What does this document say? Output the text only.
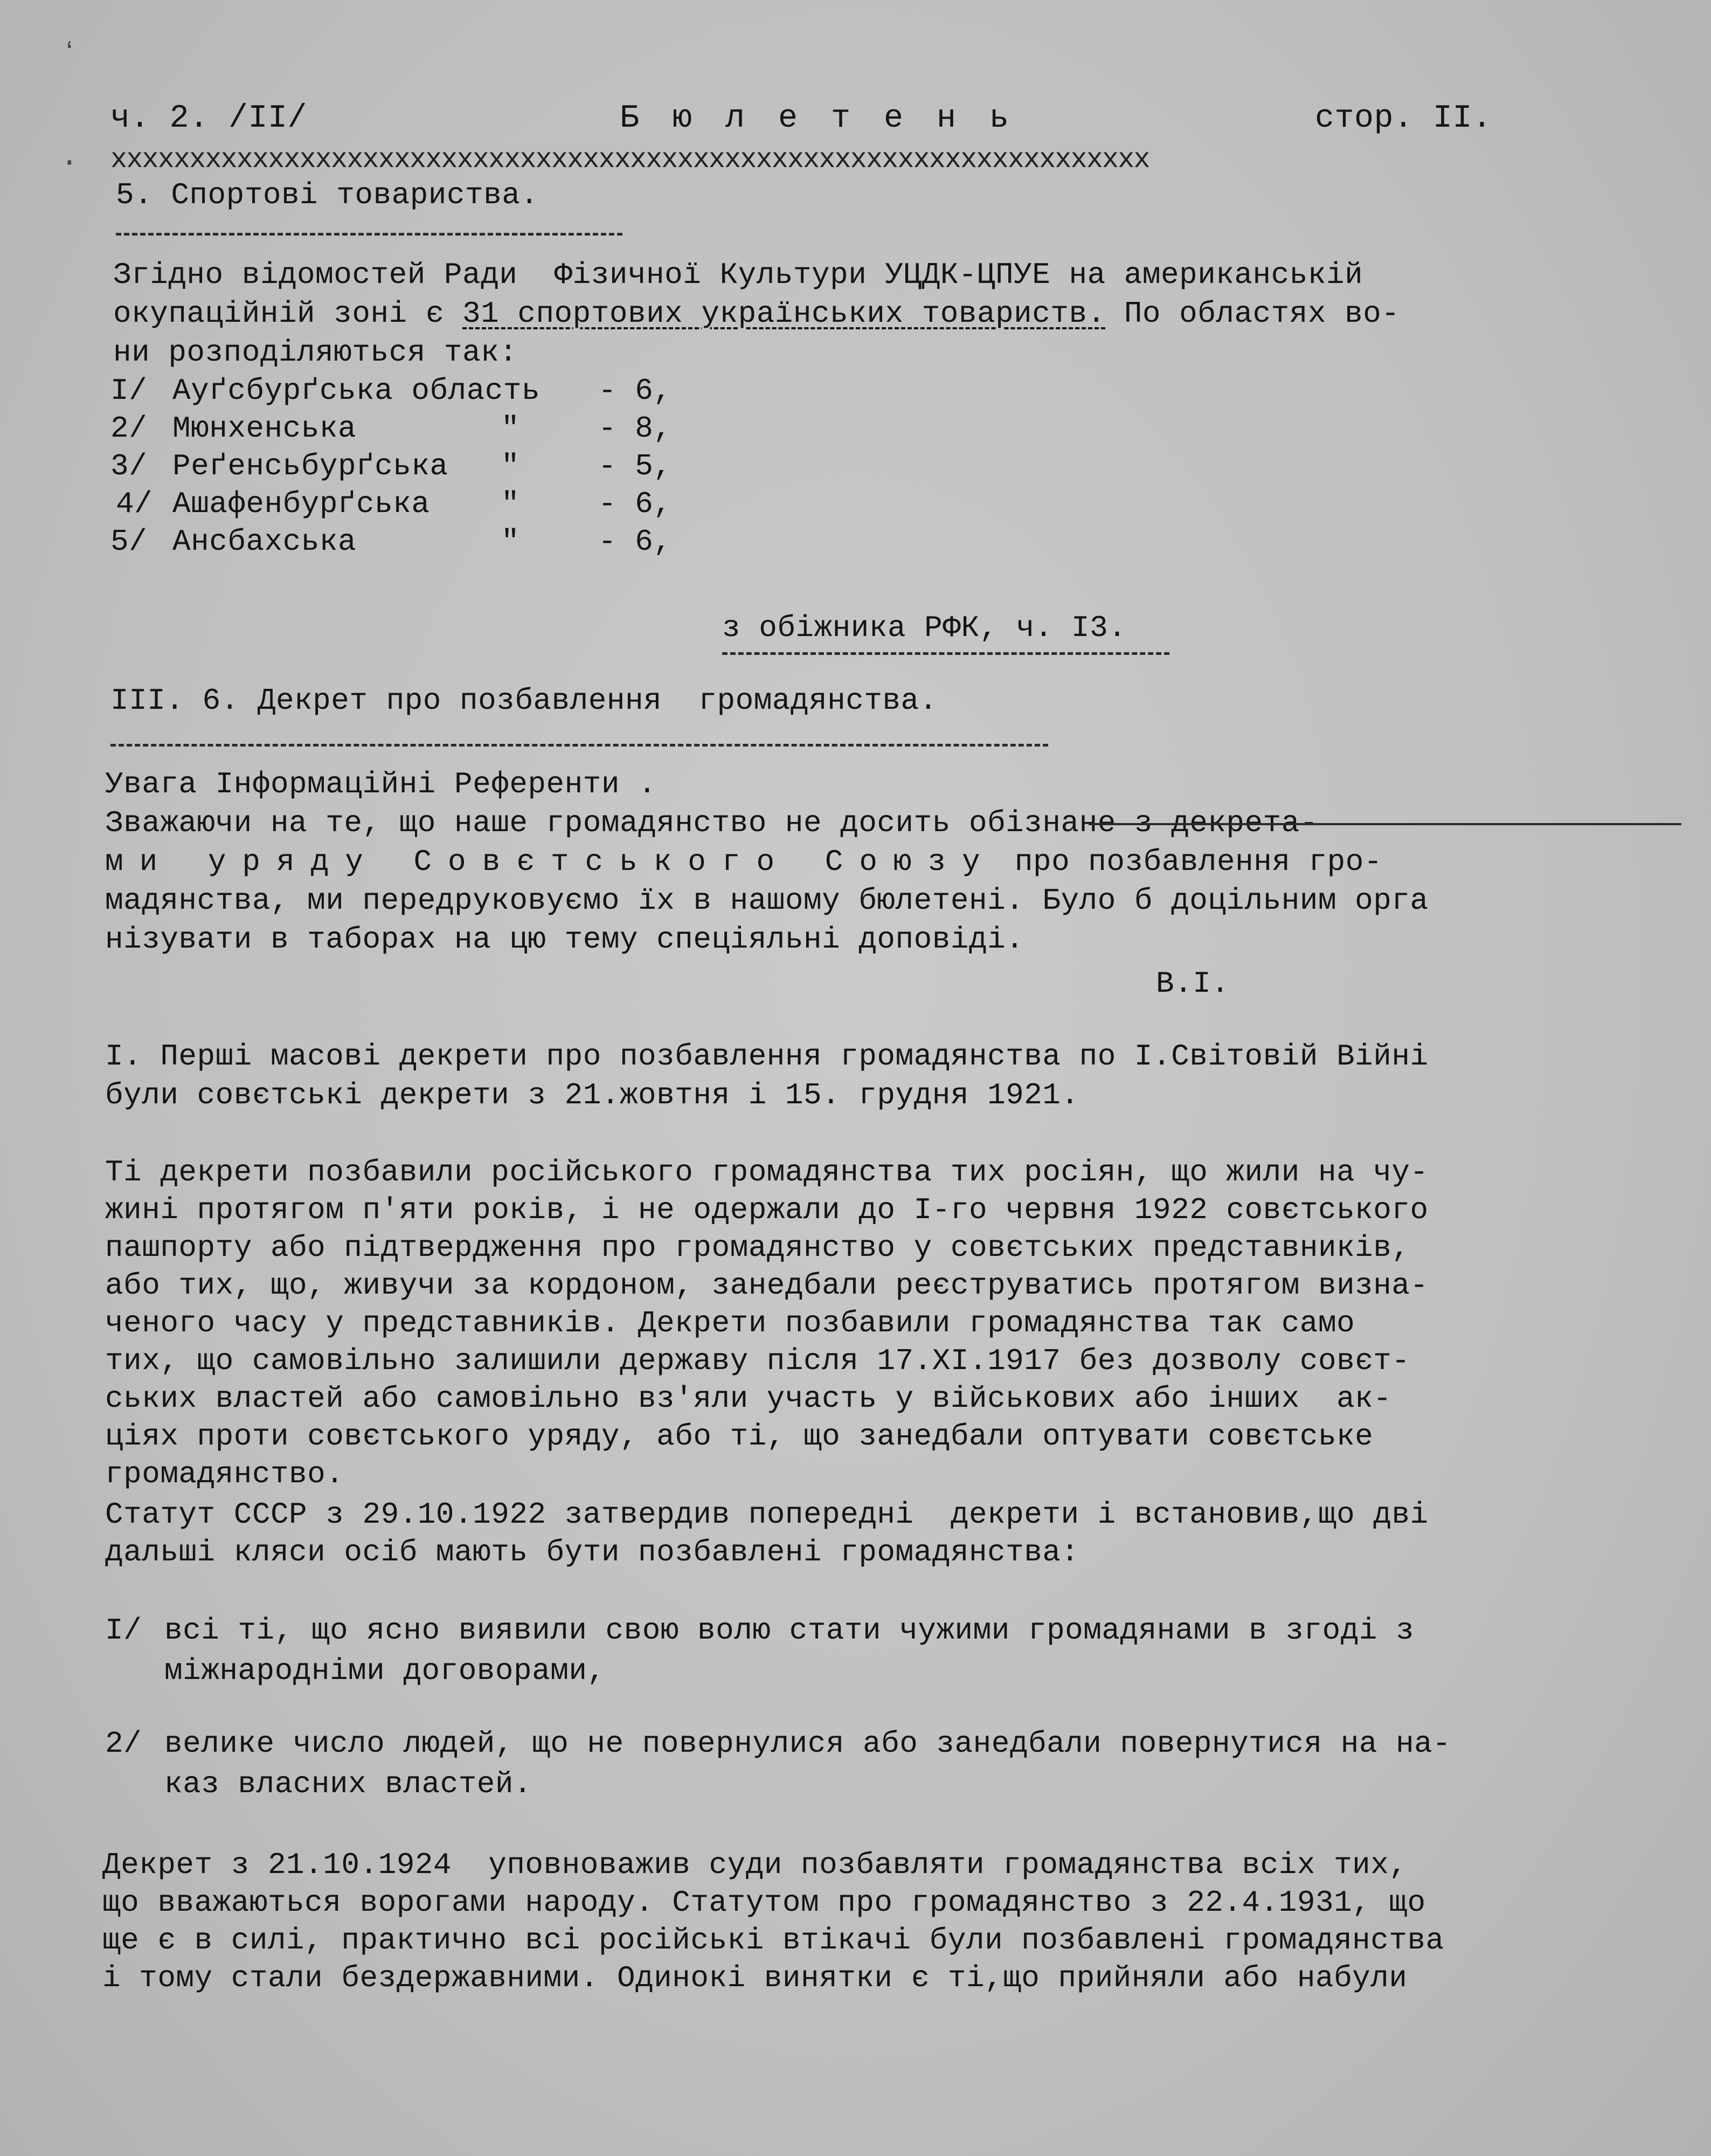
ч. 2. /II/	Бюлетень	стор. II.
xxxxxxxxxxxxxxxxxxxxxxxxxxxxxxxxxxxxxxxxxxxxxxxxxxxxxxxxxxxxxxxxxx
5. Спортові товариства.
Згідно відомостей Ради  Фізичної Культури УЦДК-ЦПУЕ на американській
окупаційній зоні є 31 спортових українських товариств. По областях во-
ни розподіляються так:
I/ Ауґсбурґська область - 6,
2/ Мюнхенська	"	- 8,
3/ Реґенсьбурґська "	- 5,
4/ Ашафенбурґська "	- 6,
5/ Ансбахська	"	- 6,
з обіжника РФК, ч. I3.
III. 6. Декрет про позбавлення  громадянства.
Увага Інформаційні Референти .
Зважаючи на те, що наше громадянство не досить обізнане з декрета-
ми уряду Совєтського Союзу про позбавлення гро-
мадянства, ми передруковуємо їх в нашому бюлетені. Було б доцільним орга
нізувати в таборах на цю тему спеціяльні доповіді.
В.І.
I. Перші масові декрети про позбавлення громадянства по І.Світовій Війні
були совєтські декрети з 21.жовтня і 15. грудня 1921.
Ті декрети позбавили російського громадянства тих росіян, що жили на чу-
жині протягом п'яти років, і не одержали до I-го червня 1922 совєтського
пашпорту або підтвердження про громадянство у совєтських представників,
або тих, що, живучи за кордоном, занедбали реєструватись протягом визна-
ченого часу у представників. Декрети позбавили громадянства так само
тих, що самовільно залишили державу після 17.XI.1917 без дозволу совєт-
ських властей або самовільно вз'яли участь у військових або інших  ак-
ціях проти совєтського уряду, або ті, що занедбали оптувати совєтське
громадянство.
Статут СССР з 29.10.1922 затвердив попередні  декрети і встановив,що дві
дальші кляси осіб мають бути позбавлені громадянства:
I/ всі ті, що ясно виявили свою волю стати чужими громадянами в згоді з
міжнародніми договорами,
2/ велике число людей, що не повернулися або занедбали повернутися на на-
каз власних властей.
Декрет з 21.10.1924  уповноважив суди позбавляти громадянства всіх тих,
що вважаються ворогами народу. Статутом про громадянство з 22.4.1931, що
ще є в силі, практично всі російські втікачі були позбавлені громадянства
і тому стали бездержавними. Одинокі винятки є ті,що прийняли або набули
ʻ
·
